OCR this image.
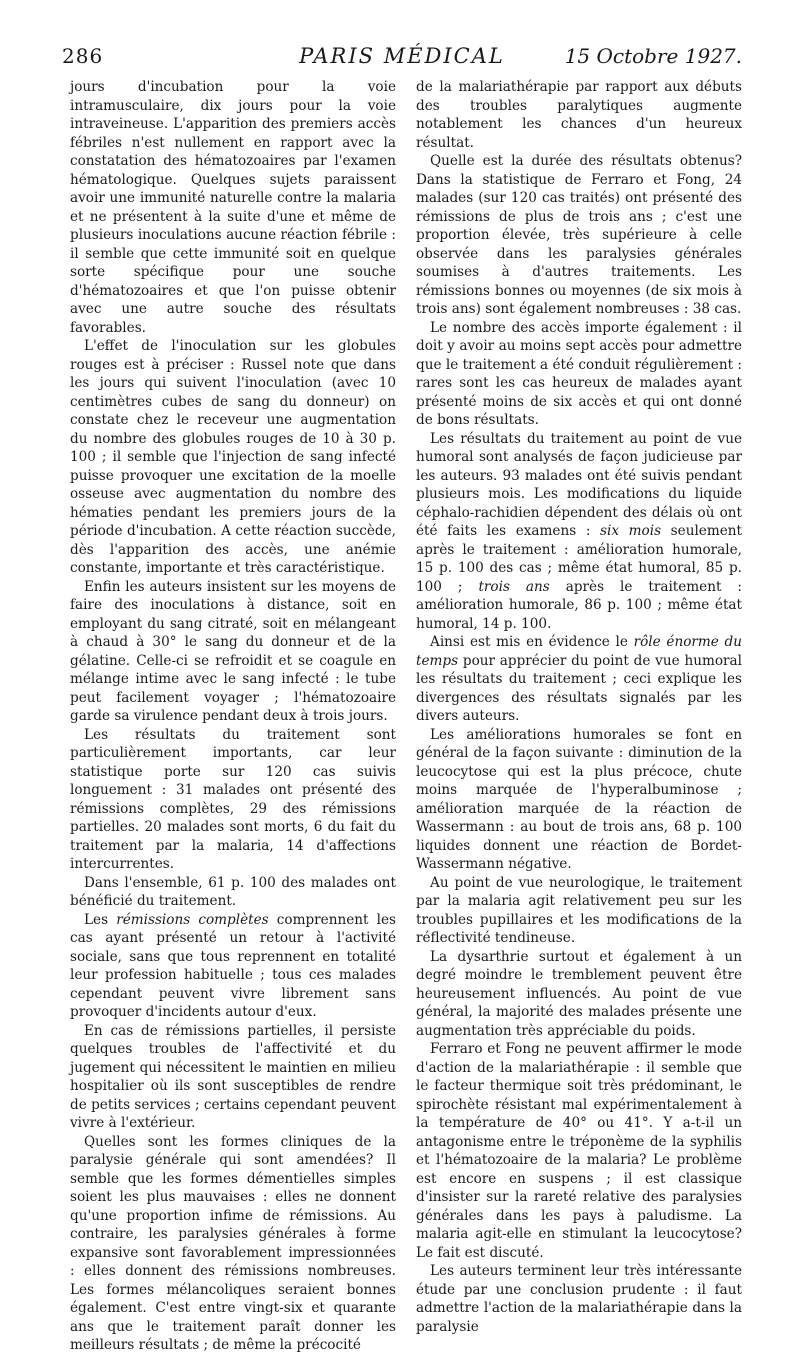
286	PARIS MÉDICAL	15 Octobre 1927.

jours d'incubation pour la voie intramusculaire, dix jours pour la voie intraveineuse. L'apparition des premiers accès fébriles n'est nullement en rapport avec la constatation des hématozoaires par l'examen hématologique. Quelques sujets paraissent avoir une immunité naturelle contre la malaria et ne présentent à la suite d'une et même de plusieurs inoculations aucune réaction fébrile : il semble que cette immunité soit en quelque sorte spécifique pour une souche d'hématozoaires et que l'on puisse obtenir avec une autre souche des résultats favorables.

L'effet de l'inoculation sur les globules rouges est à préciser : Russel note que dans les jours qui suivent l'inoculation (avec 10 centimètres cubes de sang du donneur) on constate chez le receveur une augmentation du nombre des globules rouges de 10 à 30 p. 100 ; il semble que l'injection de sang infecté puisse provoquer une excitation de la moelle osseuse avec augmentation du nombre des hématies pendant les premiers jours de la période d'incubation. A cette réaction succède, dès l'apparition des accès, une anémie constante, importante et très caractéristique.

Enfin les auteurs insistent sur les moyens de faire des inoculations à distance, soit en employant du sang citraté, soit en mélangeant à chaud à 30° le sang du donneur et de la gélatine. Celle-ci se refroidit et se coagule en mélange intime avec le sang infecté : le tube peut facilement voyager ; l'hématozoaire garde sa virulence pendant deux à trois jours.

Les résultats du traitement sont particulièrement importants, car leur statistique porte sur 120 cas suivis longuement : 31 malades ont présenté des rémissions complètes, 29 des rémissions partielles. 20 malades sont morts, 6 du fait du traitement par la malaria, 14 d'affections intercurrentes.

Dans l'ensemble, 61 p. 100 des malades ont bénéficié du traitement.

Les rémissions complètes comprennent les cas ayant présenté un retour à l'activité sociale, sans que tous reprennent en totalité leur profession habituelle ; tous ces malades cependant peuvent vivre librement sans provoquer d'incidents autour d'eux.

En cas de rémissions partielles, il persiste quelques troubles de l'affectivité et du jugement qui nécessitent le maintien en milieu hospitalier où ils sont susceptibles de rendre de petits services ; certains cependant peuvent vivre à l'extérieur.

Quelles sont les formes cliniques de la paralysie générale qui sont amendées? Il semble que les formes démentielles simples soient les plus mauvaises : elles ne donnent qu'une proportion infime de rémissions. Au contraire, les paralysies générales à forme expansive sont favorablement impressionnées : elles donnent des rémissions nombreuses. Les formes mélancoliques seraient bonnes également. C'est entre vingt-six et quarante ans que le traitement paraît donner les meilleurs résultats ; de même la précocité

de la malariathérapie par rapport aux débuts des troubles paralytiques augmente notablement les chances d'un heureux résultat.

Quelle est la durée des résultats obtenus? Dans la statistique de Ferraro et Fong, 24 malades (sur 120 cas traités) ont présenté des rémissions de plus de trois ans ; c'est une proportion élevée, très supérieure à celle observée dans les paralysies générales soumises à d'autres traitements. Les rémissions bonnes ou moyennes (de six mois à trois ans) sont également nombreuses : 38 cas.

Le nombre des accès importe également : il doit y avoir au moins sept accès pour admettre que le traitement a été conduit régulièrement : rares sont les cas heureux de malades ayant présenté moins de six accès et qui ont donné de bons résultats.

Les résultats du traitement au point de vue humoral sont analysés de façon judicieuse par les auteurs. 93 malades ont été suivis pendant plusieurs mois. Les modifications du liquide céphalo-rachidien dépendent des délais où ont été faits les examens : six mois seulement après le traitement : amélioration humorale, 15 p. 100 des cas ; même état humoral, 85 p. 100 ; trois ans après le traitement : amélioration humorale, 86 p. 100 ; même état humoral, 14 p. 100.

Ainsi est mis en évidence le rôle énorme du temps pour apprécier du point de vue humoral les résultats du traitement ; ceci explique les divergences des résultats signalés par les divers auteurs.

Les améliorations humorales se font en général de la façon suivante : diminution de la leucocytose qui est la plus précoce, chute moins marquée de l'hyperalbuminose ; amélioration marquée de la réaction de Wassermann : au bout de trois ans, 68 p. 100 liquides donnent une réaction de Bordet-Wassermann négative.

Au point de vue neurologique, le traitement par la malaria agit relativement peu sur les troubles pupillaires et les modifications de la réflectivité tendineuse.

La dysarthrie surtout et également à un degré moindre le tremblement peuvent être heureusement influencés. Au point de vue général, la majorité des malades présente une augmentation très appréciable du poids.

Ferraro et Fong ne peuvent affirmer le mode d'action de la malariathérapie : il semble que le facteur thermique soit très prédominant, le spirochète résistant mal expérimentalement à la température de 40° ou 41°. Y a-t-il un antagonisme entre le tréponème de la syphilis et l'hématozoaire de la malaria? Le problème est encore en suspens ; il est classique d'insister sur la rareté relative des paralysies générales dans les pays à paludisme. La malaria agit-elle en stimulant la leucocytose? Le fait est discuté.

Les auteurs terminent leur très intéressante étude par une conclusion prudente : il faut admettre l'action de la malariathérapie dans la paralysie
